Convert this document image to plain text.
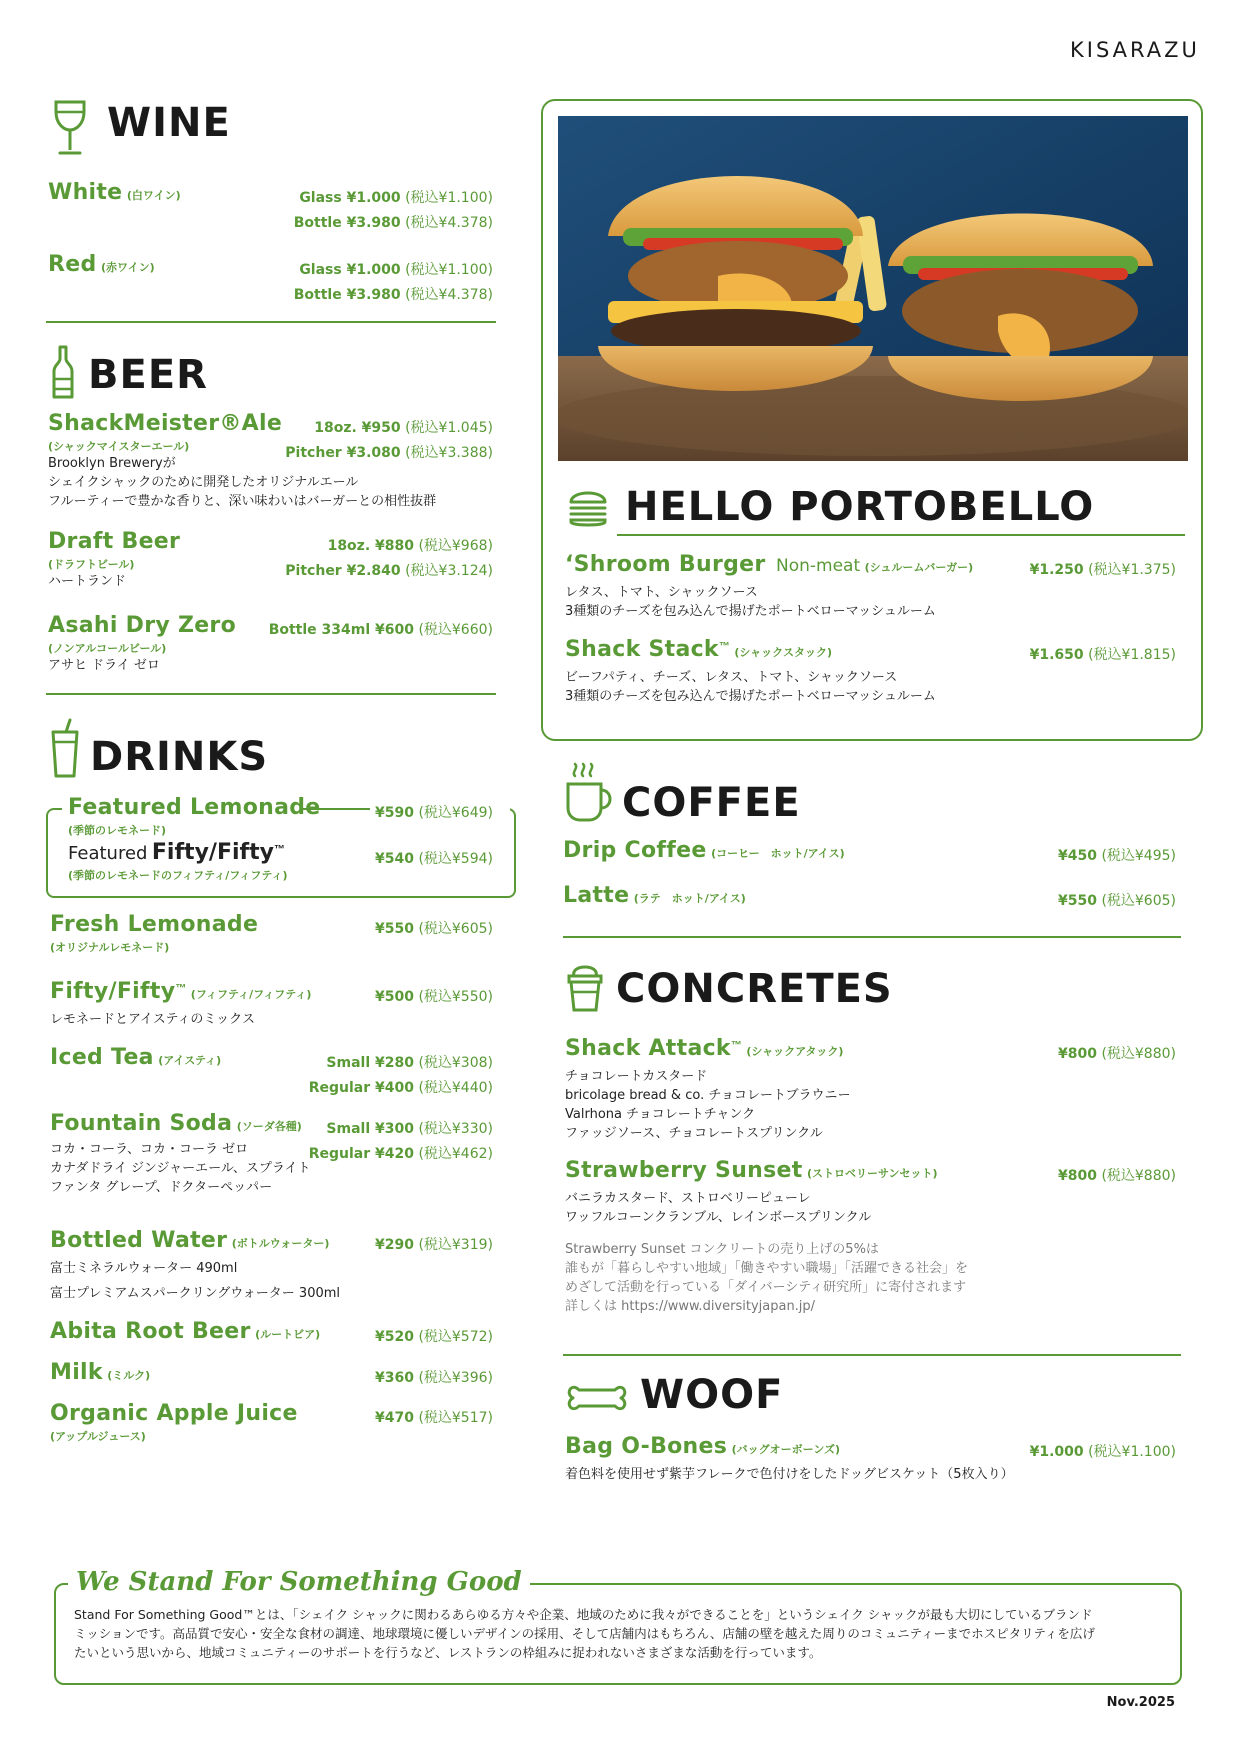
KISARAZU
WINE
White (白ワイン)	Glass ¥1.000 (税込¥1.100)
Bottle ¥3.980 (税込¥4.378)
Red (赤ワイン)	Glass ¥1.000 (税込¥1.100)
Bottle ¥3.980 (税込¥4.378)
BEER
ShackMeister®Ale
(シャックマイスターエール)
Brooklyn Breweryが
シェイクシャックのために開発したオリジナルエール
フルーティーで豊かな香りと、深い味わいはバーガーとの相性抜群
18oz. ¥950 (税込¥1.045)
Pitcher ¥3.080 (税込¥3.388)
Draft Beer
(ドラフトビール)
ハートランド
18oz. ¥880 (税込¥968)
Pitcher ¥2.840 (税込¥3.124)
Asahi Dry Zero
(ノンアルコールビール)
アサヒ ドライ ゼロ
Bottle 334ml ¥600 (税込¥660)
DRINKS
Featured Lemonade
(季節のレモネード)
¥590 (税込¥649)
Featured Fifty/Fifty™
(季節のレモネードのフィフティ/フィフティ)
¥540 (税込¥594)
Fresh Lemonade
(オリジナルレモネード)
¥550 (税込¥605)
Fifty/Fifty™ (フィフティ/フィフティ)
レモネードとアイスティのミックス
¥500 (税込¥550)
Iced Tea (アイスティ)	Small ¥280 (税込¥308)
Regular ¥400 (税込¥440)
Fountain Soda (ソーダ各種)
コカ・コーラ、コカ・コーラ ゼロ
カナダドライ ジンジャーエール、スプライト
ファンタ グレープ、ドクターペッパー
Small ¥300 (税込¥330)
Regular ¥420 (税込¥462)
Bottled Water (ボトルウォーター)
富士ミネラルウォーター 490ml
富士プレミアムスパークリングウォーター 300ml
¥290 (税込¥319)
Abita Root Beer (ルートビア)	¥520 (税込¥572)
Milk (ミルク)	¥360 (税込¥396)
Organic Apple Juice
(アップルジュース)
¥470 (税込¥517)
HELLO PORTOBELLO
‘Shroom Burger Non-meat (シュルームバーガー)
レタス、トマト、シャックソース
3種類のチーズを包み込んで揚げたポートベローマッシュルーム
¥1.250 (税込¥1.375)
Shack Stack™ (シャックスタック)
ビーフパティ、チーズ、レタス、トマト、シャックソース
3種類のチーズを包み込んで揚げたポートベローマッシュルーム
¥1.650 (税込¥1.815)
COFFEE
Drip Coffee (コーヒー　ホット/アイス)	¥450 (税込¥495)
Latte (ラテ　ホット/アイス)	¥550 (税込¥605)
CONCRETES
Shack Attack™ (シャックアタック)
チョコレートカスタード
bricolage bread & co. チョコレートブラウニー
Valrhona チョコレートチャンク
ファッジソース、チョコレートスプリンクル
¥800 (税込¥880)
Strawberry Sunset (ストロベリーサンセット)
バニラカスタード、ストロベリーピューレ
ワッフルコーンクランブル、レインボースプリンクル
¥800 (税込¥880)
Strawberry Sunset コンクリートの売り上げの5%は
誰もが「暮らしやすい地域」「働きやすい職場」「活躍できる社会」を
めざして活動を行っている「ダイバーシティ研究所」に寄付されます
詳しくは https://www.diversityjapan.jp/
WOOF
Bag O-Bones (バッグオーボーンズ)
着色料を使用せず紫芋フレークで色付けをしたドッグビスケット（5枚入り）
¥1.000 (税込¥1.100)
We Stand For Something Good
Stand For Something Good™とは、「シェイク シャックに関わるあらゆる方々や企業、地域のために我々ができることを」というシェイク シャックが最も大切にしているブランド
ミッションです。高品質で安心・安全な食材の調達、地球環境に優しいデザインの採用、そして店舗内はもちろん、店舗の壁を越えた周りのコミュニティーまでホスピタリティを広げ
たいという思いから、地域コミュニティーのサポートを行うなど、レストランの枠組みに捉われないさまざまな活動を行っています。
Nov.2025
